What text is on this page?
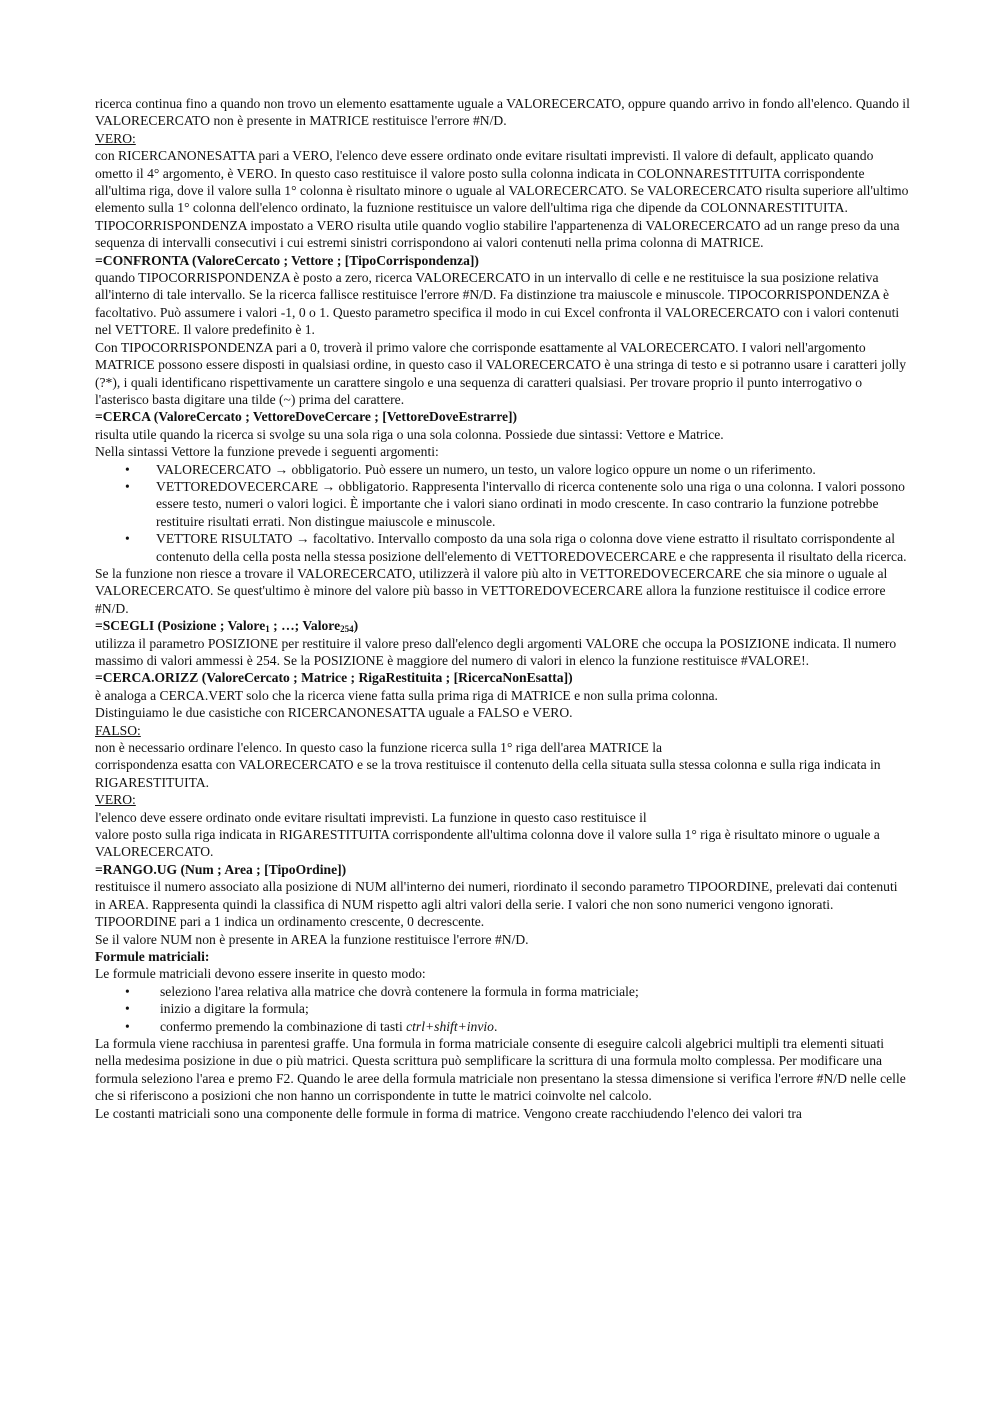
ricerca continua fino a quando non trovo un elemento esattamente uguale a VALORECERCATO, oppure quando arrivo in fondo all'elenco. Quando il VALORECERCATO non è presente in MATRICE restituisce l'errore #N/D.

VERO:

con RICERCANONESATTA pari a VERO, l'elenco deve essere ordinato onde evitare risultati imprevisti. Il valore di default, applicato quando ometto il 4° argomento, è VERO. In questo caso restituisce il valore posto sulla colonna indicata in COLONNARESTITUITA corrispondente all'ultima riga, dove il valore sulla 1° colonna è risultato minore o uguale al VALORECERCATO. Se VALORECERCATO risulta superiore all'ultimo elemento sulla 1° colonna dell'elenco ordinato, la fuznione restituisce un valore dell'ultima riga che dipende da COLONNARESTITUITA. TIPOCORRISPONDENZA impostato a VERO risulta utile quando voglio stabilire l'appartenenza di VALORECERCATO ad un range preso da una sequenza di intervalli consecutivi i cui estremi sinistri corrispondono ai valori contenuti nella prima colonna di MATRICE.

=CONFRONTA (ValoreCercato ; Vettore ; [TipoCorrispondenza])

quando TIPOCORRISPONDENZA è posto a zero, ricerca VALORECERCATO in un intervallo di celle e ne restituisce la sua posizione relativa all'interno di tale intervallo. Se la ricerca fallisce restituisce l'errore #N/D. Fa distinzione tra maiuscole e minuscole. TIPOCORRISPONDENZA è facoltativo. Può assumere i valori -1, 0 o 1. Questo parametro specifica il modo in cui Excel confronta il VALORECERCATO con i valori contenuti nel VETTORE. Il valore predefinito è 1.

Con TIPOCORRISPONDENZA pari a 0, troverà il primo valore che corrisponde esattamente al VALORECERCATO. I valori nell'argomento MATRICE possono essere disposti in qualsiasi ordine, in questo caso il VALORECERCATO è una stringa di testo e si potranno usare i caratteri jolly (?*), i quali identificano rispettivamente un carattere singolo e una sequenza di caratteri qualsiasi. Per trovare proprio il punto interrogativo o l'asterisco basta digitare una tilde (~) prima del carattere.

=CERCA (ValoreCercato ; VettoreDoveCercare ; [VettoreDoveEstrarre])

risulta utile quando la ricerca si svolge su una sola riga o una sola colonna. Possiede due sintassi: Vettore e Matrice.

Nella sintassi Vettore la funzione prevede i seguenti argomenti:

• VALORECERCATO → obbligatorio. Può essere un numero, un testo, un valore logico oppure un nome o un riferimento.
• VETTOREDOVECERCARE → obbligatorio. Rappresenta l'intervallo di ricerca contenente solo una riga o una colonna. I valori possono essere testo, numeri o valori logici. È importante che i valori siano ordinati in modo crescente. In caso contrario la funzione potrebbe restituire risultati errati. Non distingue maiuscole e minuscole.
• VETTORE RISULTATO → facoltativo. Intervallo composto da una sola riga o colonna dove viene estratto il risultato corrispondente al contenuto della cella posta nella stessa posizione dell'elemento di VETTOREDOVECERCARE e che rappresenta il risultato della ricerca.

Se la funzione non riesce a trovare il VALORECERCATO, utilizzerà il valore più alto in VETTOREDOVECERCARE che sia minore o uguale al VALORECERCATO. Se quest'ultimo è minore del valore più basso in VETTOREDOVECERCARE allora la funzione restituisce il codice errore #N/D.

=SCEGLI (Posizione ; Valore$_1$ ; …; Valore$_{254}$)

utilizza il parametro POSIZIONE per restituire il valore preso dall'elenco degli argomenti VALORE che occupa la POSIZIONE indicata. Il numero massimo di valori ammessi è 254. Se la POSIZIONE è maggiore del numero di valori in elenco la funzione restituisce #VALORE!.

=CERCA.ORIZZ (ValoreCercato ; Matrice ; RigaRestituita ; [RicercaNonEsatta])

è analoga a CERCA.VERT solo che la ricerca viene fatta sulla prima riga di MATRICE e non sulla prima colonna.

Distinguiamo le due casistiche con RICERCANONESATTA uguale a FALSO e VERO.

FALSO:

non è necessario ordinare l'elenco. In questo caso la funzione ricerca sulla 1° riga dell'area MATRICE la

corrispondenza esatta con VALORECERCATO e se la trova restituisce il contenuto della cella situata sulla stessa colonna e sulla riga indicata in RIGARESTITUITA.

VERO:

l'elenco deve essere ordinato onde evitare risultati imprevisti. La funzione in questo caso restituisce il

valore posto sulla riga indicata in RIGARESTITUITA corrispondente all'ultima colonna dove il valore sulla 1° riga è risultato minore o uguale a VALORECERCATO.

=RANGO.UG (Num ; Area ; [TipoOrdine])

restituisce il numero associato alla posizione di NUM all'interno dei numeri, riordinato il secondo parametro TIPOORDINE, prelevati dai contenuti in AREA. Rappresenta quindi la classifica di NUM rispetto agli altri valori della serie. I valori che non sono numerici vengono ignorati. TIPOORDINE pari a 1 indica un ordinamento crescente, 0 decrescente.

Se il valore NUM non è presente in AREA la funzione restituisce l'errore #N/D.

Formule matriciali:

Le formule matriciali devono essere inserite in questo modo:

• seleziono l'area relativa alla matrice che dovrà contenere la formula in forma matriciale;
• inizio a digitare la formula;
• confermo premendo la combinazione di tasti ctrl+shift+invio.

La formula viene racchiusa in parentesi graffe. Una formula in forma matriciale consente di eseguire calcoli algebrici multipli tra elementi situati nella medesima posizione in due o più matrici. Questa scrittura può semplificare la scrittura di una formula molto complessa. Per modificare una formula seleziono l'area e premo F2. Quando le aree della formula matriciale non presentano la stessa dimensione si verifica l'errore #N/D nelle celle che si riferiscono a posizioni che non hanno un corrispondente in tutte le matrici coinvolte nel calcolo.

Le costanti matriciali sono una componente delle formule in forma di matrice. Vengono create racchiudendo l'elenco dei valori tra
